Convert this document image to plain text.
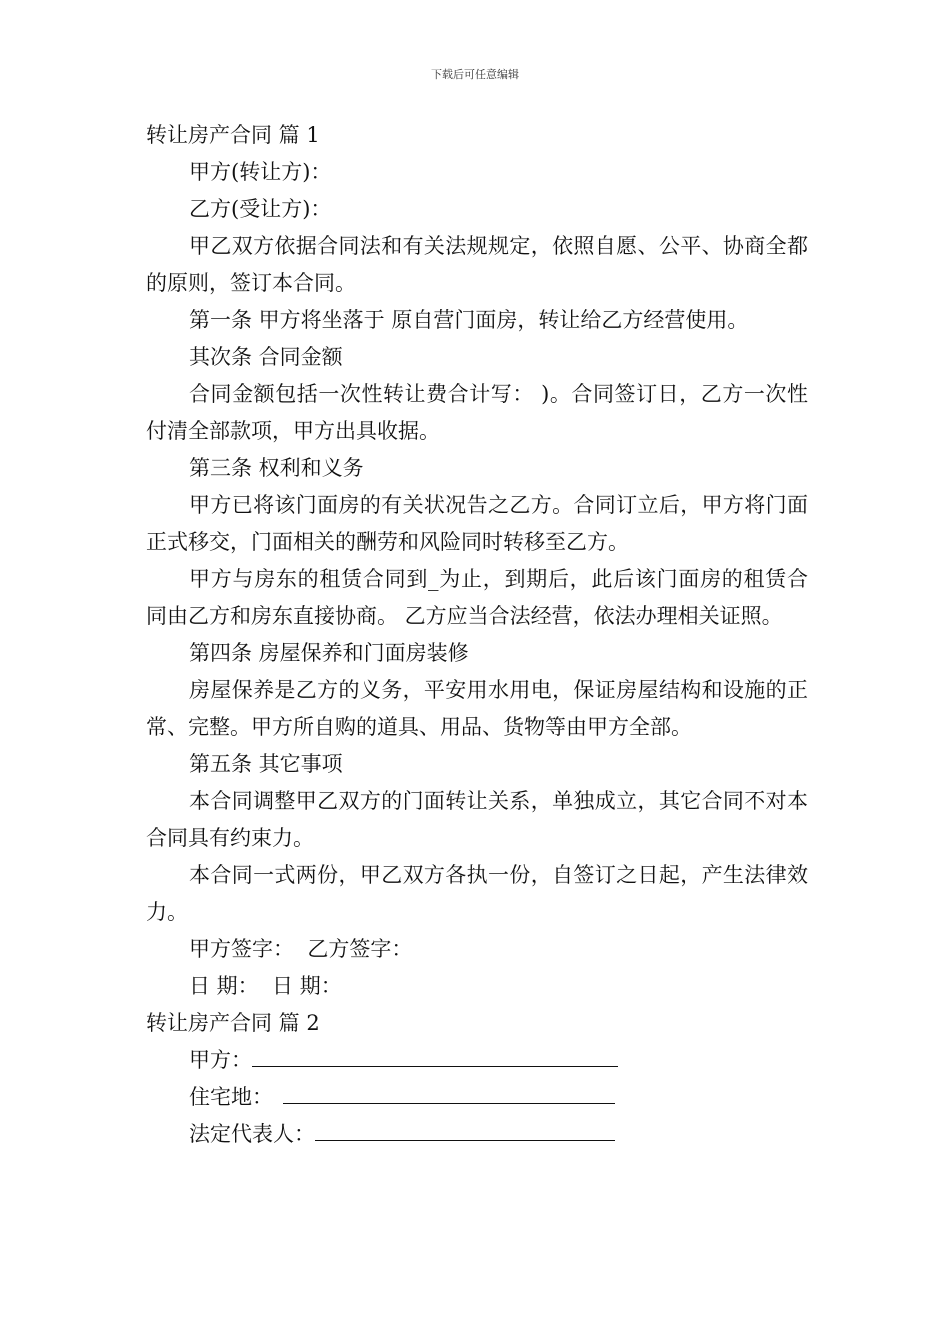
下载后可任意编辑

转让房产合同 篇 1

甲方(转让方)：

乙方(受让方)：

甲乙双方依据合同法和有关法规规定，依照自愿、公平、协商全都的原则，签订本合同。

第一条 甲方将坐落于 原自营门面房，转让给乙方经营使用。

其次条 合同金额

合同金额包括一次性转让费合计写： )。合同签订日，乙方一次性付清全部款项，甲方出具收据。

第三条 权利和义务

甲方已将该门面房的有关状况告之乙方。合同订立后，甲方将门面正式移交，门面相关的酬劳和风险同时转移至乙方。

甲方与房东的租赁合同到_为止，到期后，此后该门面房的租赁合同由乙方和房东直接协商。 乙方应当合法经营，依法办理相关证照。

第四条 房屋保养和门面房装修

房屋保养是乙方的义务，平安用水用电，保证房屋结构和设施的正常、完整。甲方所自购的道具、用品、货物等由甲方全部。

第五条 其它事项

本合同调整甲乙双方的门面转让关系，单独成立，其它合同不对本合同具有约束力。

本合同一式两份，甲乙双方各执一份，自签订之日起，产生法律效力。

甲方签字：  乙方签字：

日 期：  日 期：

转让房产合同 篇 2

甲方：

住宅地：

法定代表人：
